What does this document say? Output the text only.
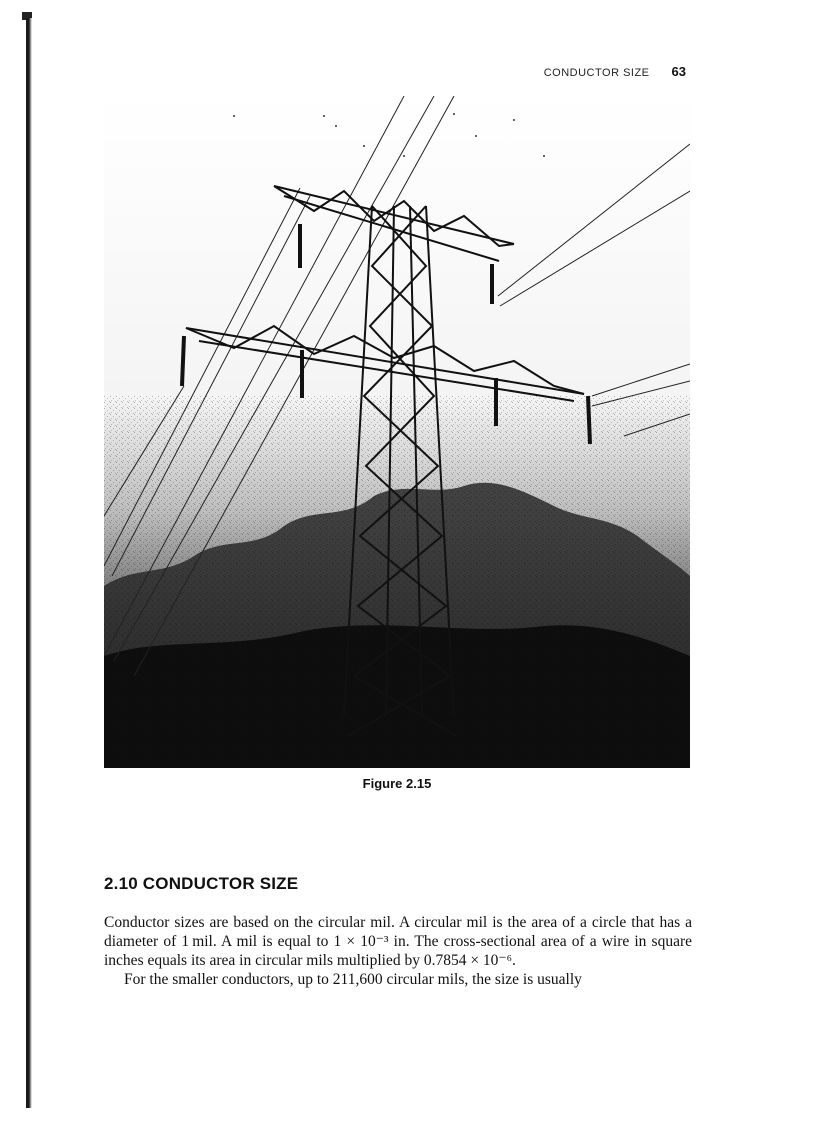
CONDUCTOR SIZE 63
Figure 2.15
2.10 CONDUCTOR SIZE

Conductor sizes are based on the circular mil. A circular mil is the area of a circle that has a diameter of 1 mil. A mil is equal to 1 × 10⁻³ in. The cross-sectional area of a wire in square inches equals its area in circular mils multiplied by 0.7854 × 10⁻⁶.

For the smaller conductors, up to 211,600 circular mils, the size is usually
